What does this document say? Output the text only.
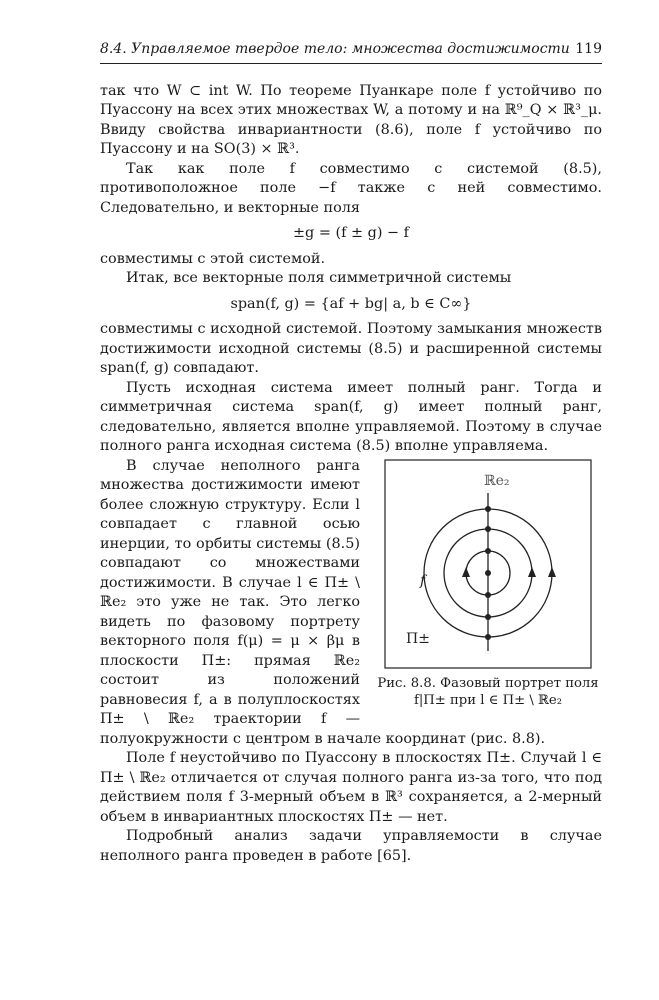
8.4. Управляемое твердое тело: множества достижимости 119

так что W ⊂ int W. По теореме Пуанкаре поле f устойчиво по Пуассону на всех этих множествах W, а потому и на ℝ⁹_Q × ℝ³_μ. Ввиду свойства инвариантности (8.6), поле f устойчиво по Пуассону и на SO(3) × ℝ³.

Так как поле f совместимо с системой (8.5), противоположное поле −f также с ней совместимо. Следовательно, и векторные поля

±g = (f ± g) − f

совместимы с этой системой.

Итак, все векторные поля симметричной системы

span(f, g) = {af + bg| a, b ∈ C∞}

совместимы с исходной системой. Поэтому замыкания множеств достижимости исходной системы (8.5) и расширенной системы span(f, g) совпадают.

Пусть исходная система имеет полный ранг. Тогда и симметричная система span(f, g) имеет полный ранг, следовательно, является вполне управляемой. Поэтому в случае полного ранга исходная система (8.5) вполне управляема.

ℝe₂
f
Π±
Рис. 8.8. Фазовый портрет поля f|Π± при l ∈ Π± \ ℝe₂

В случае неполного ранга множества достижимости имеют более сложную структуру. Если l совпадает с главной осью инерции, то орбиты системы (8.5) совпадают со множествами достижимости. В случае l ∈ Π± \ ℝe₂ это уже не так. Это легко видеть по фазовому портрету векторного поля f(μ) = μ × βμ в плоскости Π±: прямая ℝe₂ состоит из положений равновесия f, а в полуплоскостях Π± \ ℝe₂ траектории f — полуокружности с центром в начале координат (рис. 8.8).

Поле f неустойчиво по Пуассону в плоскостях Π±. Случай l ∈ Π± \ ℝe₂ отличается от случая полного ранга из-за того, что под действием поля f 3-мерный объем в ℝ³ сохраняется, а 2-мерный объем в инвариантных плоскостях Π± — нет.

Подробный анализ задачи управляемости в случае неполного ранга проведен в работе [65].
